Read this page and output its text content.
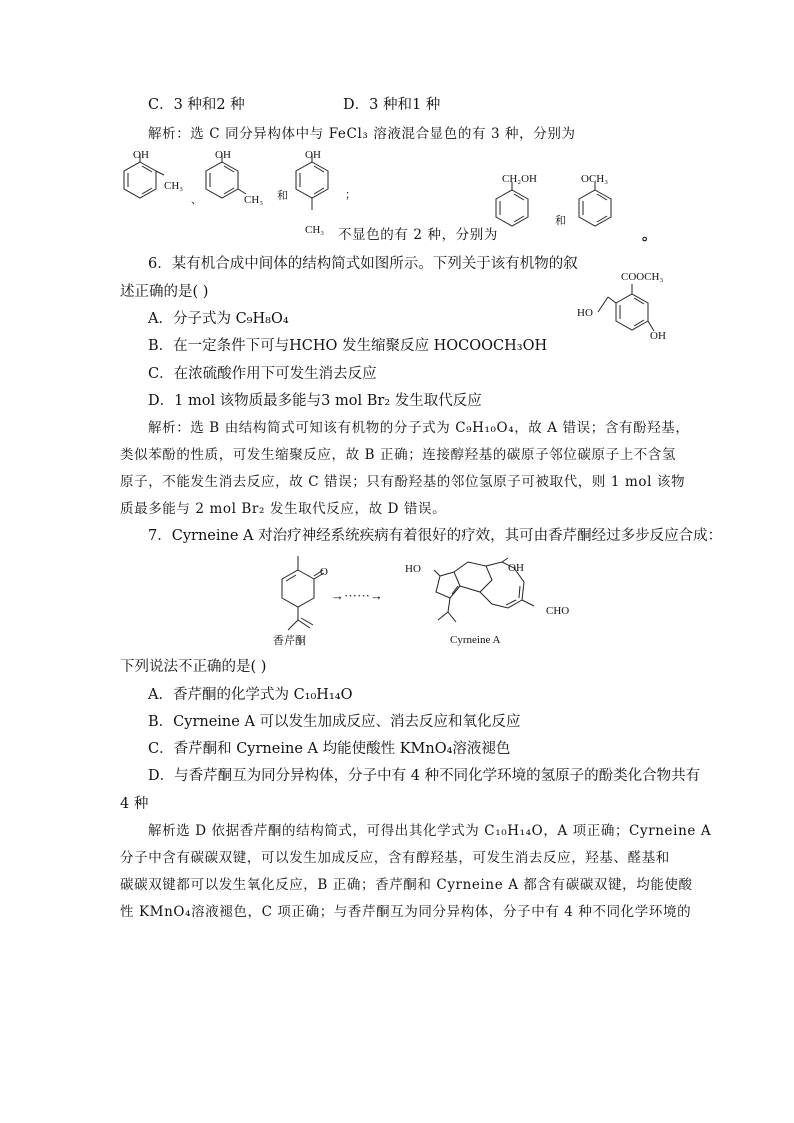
C．3 种和2 种	D．3 种和1 种
解析：选 C 同分异构体中与 FeCl₃ 溶液混合显色的有 3 种，分别为
OH
CH₃
、
OH
CH₃ 和
OH
CH₃
；
CH₂OH
和
OCH₃
不显色的有 2 种，分别为	。
6．某有机合成中间体的结构简式如图所示。下列关于该有机物的叙
述正确的是( )
COOCH₃
HO
OH
A．分子式为 C₉H₈O₄
B．在一定条件下可与HCHO 发生缩聚反应 HOCOOCH₃OH
C．在浓硫酸作用下可发生消去反应
D．1 mol 该物质最多能与3 mol Br₂ 发生取代反应
解析：选 B 由结构简式可知该有机物的分子式为 C₉H₁₀O₄，故 A 错误；含有酚羟基，
类似苯酚的性质，可发生缩聚反应，故 B 正确；连接醇羟基的碳原子邻位碳原子上不含氢
原子，不能发生消去反应，故 C 错误；只有酚羟基的邻位氢原子可被取代，则 1 mol 该物
质最多能与 2 mol Br₂ 发生取代反应，故 D 错误。
7．Cyrneine A 对治疗神经系统疾病有着很好的疗效，其可由香芹酮经过多步反应合成：
O
香芹酮
→······→
HO	OH
CHO
Cyrneine A
下列说法不正确的是( )
A．香芹酮的化学式为 C₁₀H₁₄O
B．Cyrneine A 可以发生加成反应、消去反应和氧化反应
C．香芹酮和 Cyrneine A 均能使酸性 KMnO₄溶液褪色
D．与香芹酮互为同分异构体，分子中有 4 种不同化学环境的氢原子的酚类化合物共有
4 种
解析选 D 依据香芹酮的结构简式，可得出其化学式为 C₁₀H₁₄O，A 项正确；Cyrneine A
分子中含有碳碳双键，可以发生加成反应，含有醇羟基，可发生消去反应，羟基、醛基和
碳碳双键都可以发生氧化反应，B 正确；香芹酮和 Cyrneine A 都含有碳碳双键，均能使酸
性 KMnO₄溶液褪色，C 项正确；与香芹酮互为同分异构体，分子中有 4 种不同化学环境的
